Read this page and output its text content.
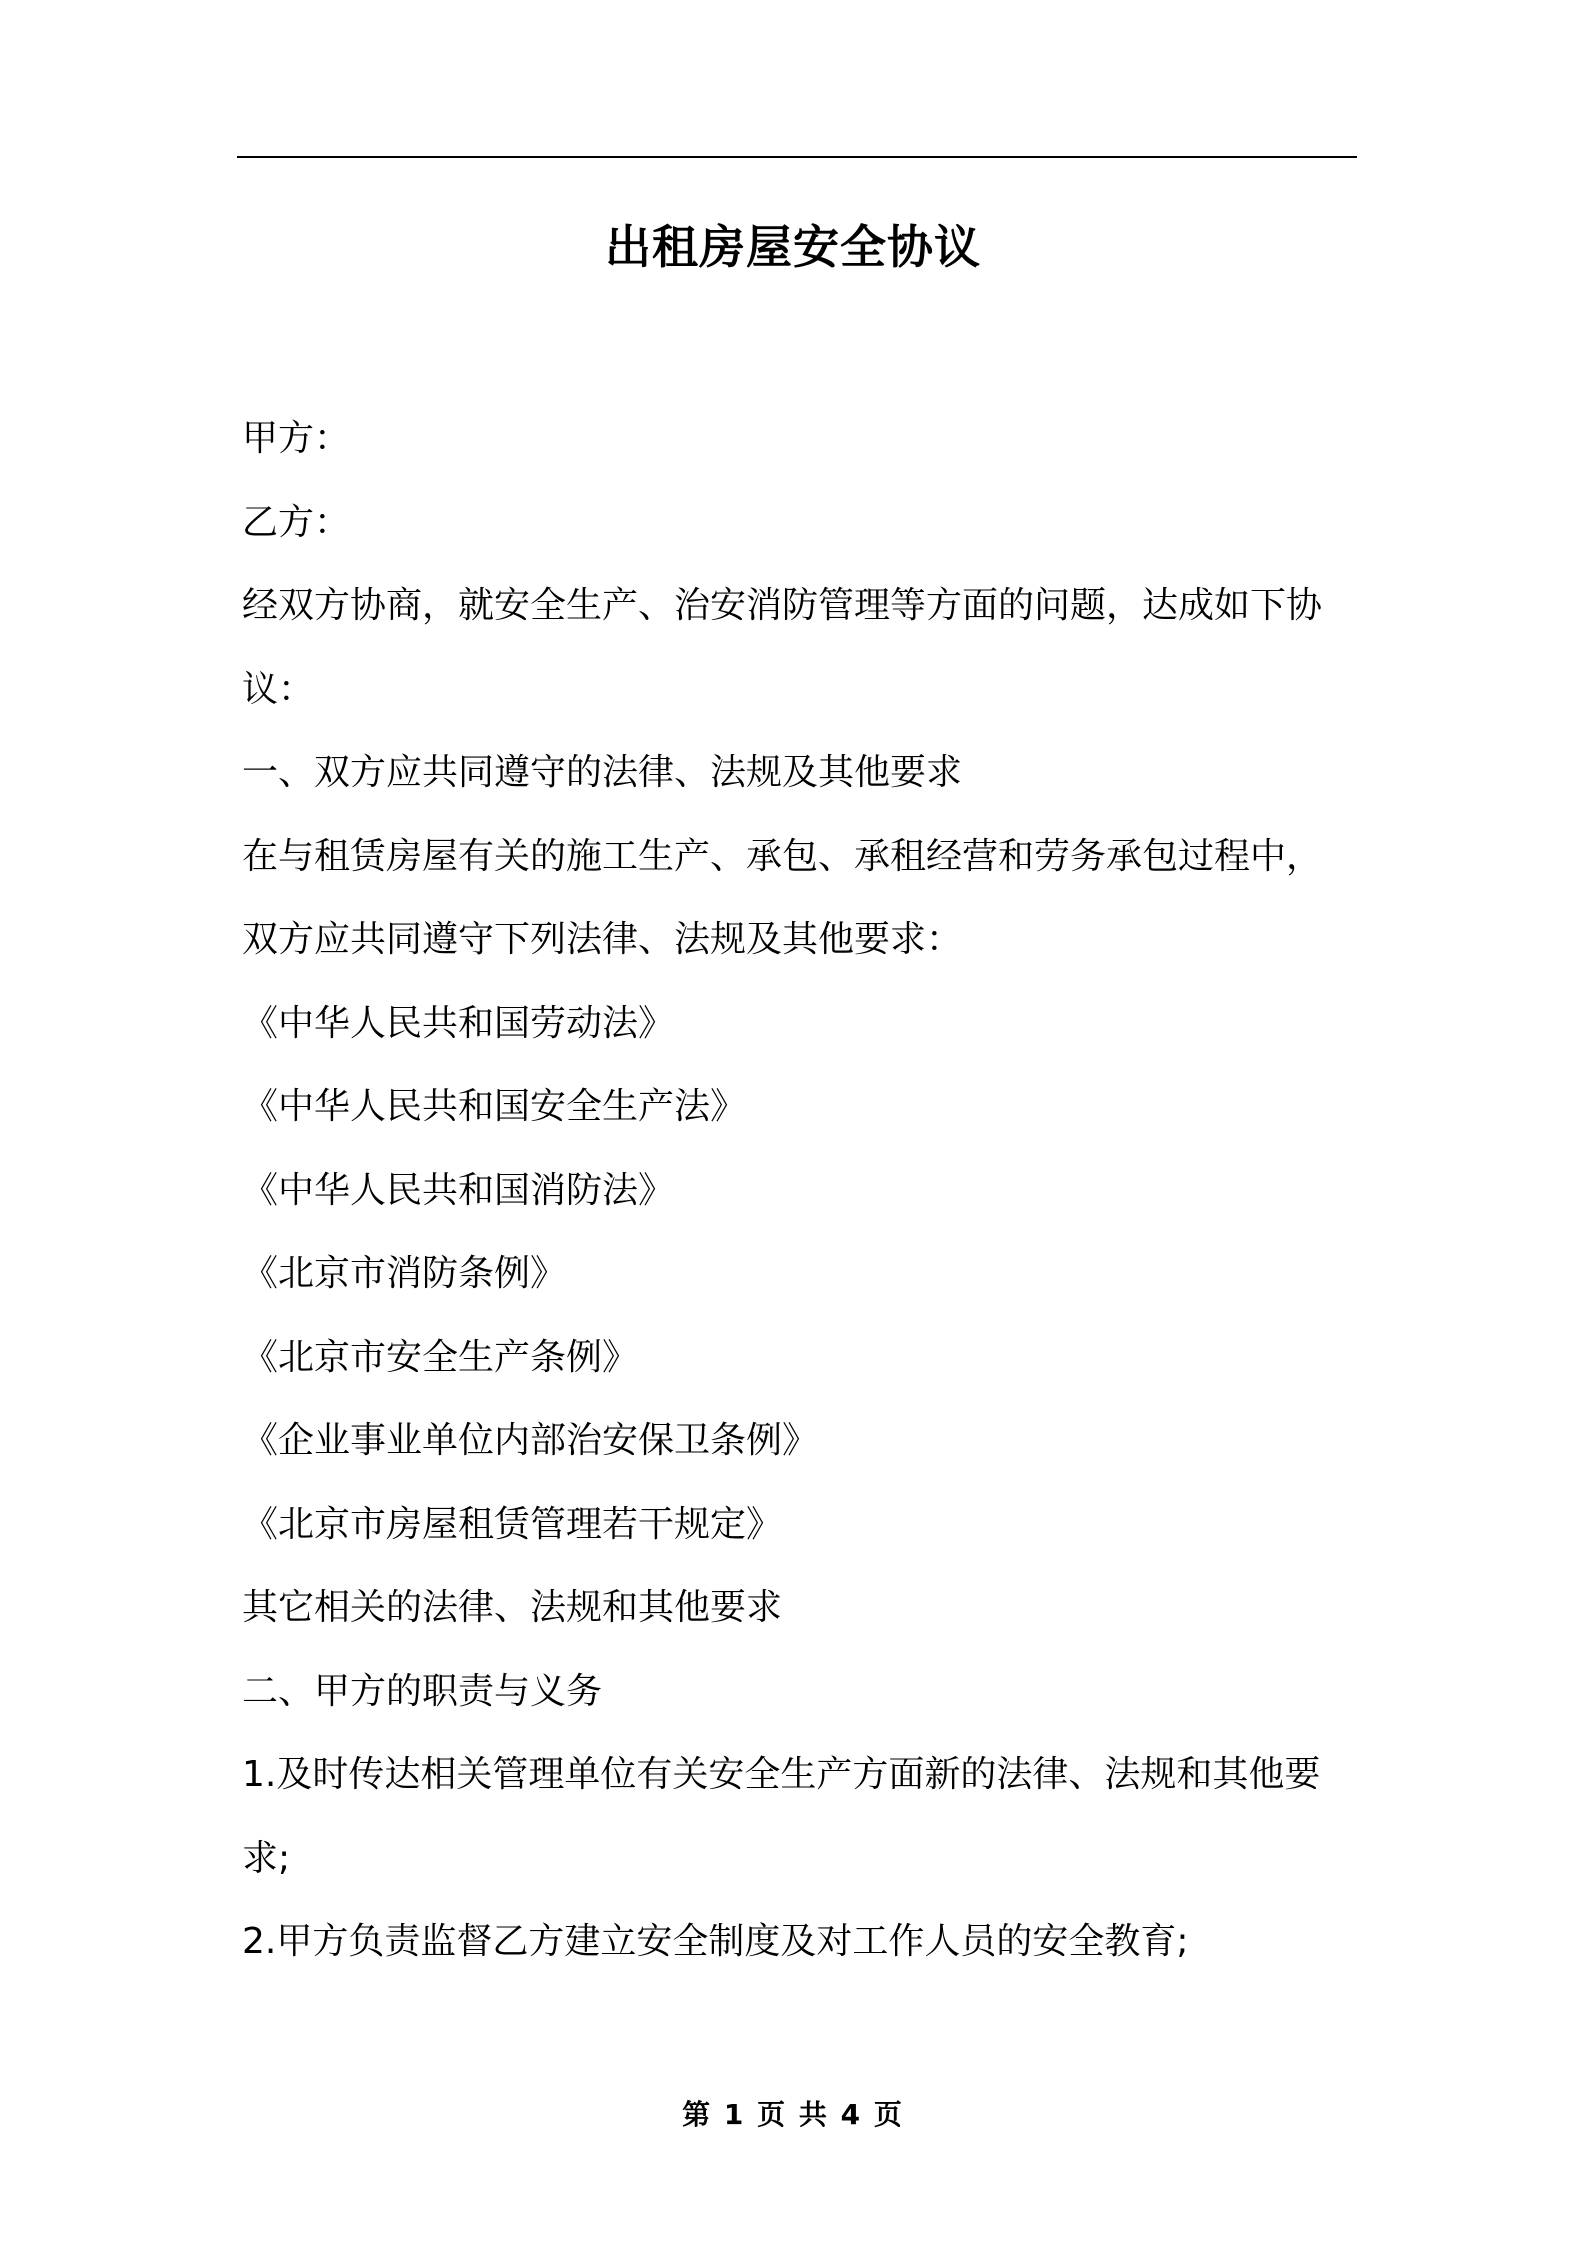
出租房屋安全协议
甲方：
乙方：
经双方协商，就安全生产、治安消防管理等方面的问题，达成如下协
议：
一、双方应共同遵守的法律、法规及其他要求
在与租赁房屋有关的施工生产、承包、承租经营和劳务承包过程中，
双方应共同遵守下列法律、法规及其他要求：
《中华人民共和国劳动法》
《中华人民共和国安全生产法》
《中华人民共和国消防法》
《北京市消防条例》
《北京市安全生产条例》
《企业事业单位内部治安保卫条例》
《北京市房屋租赁管理若干规定》
其它相关的法律、法规和其他要求
二、甲方的职责与义务
1.及时传达相关管理单位有关安全生产方面新的法律、法规和其他要
求;
2.甲方负责监督乙方建立安全制度及对工作人员的安全教育;
第 1 页 共 4 页
